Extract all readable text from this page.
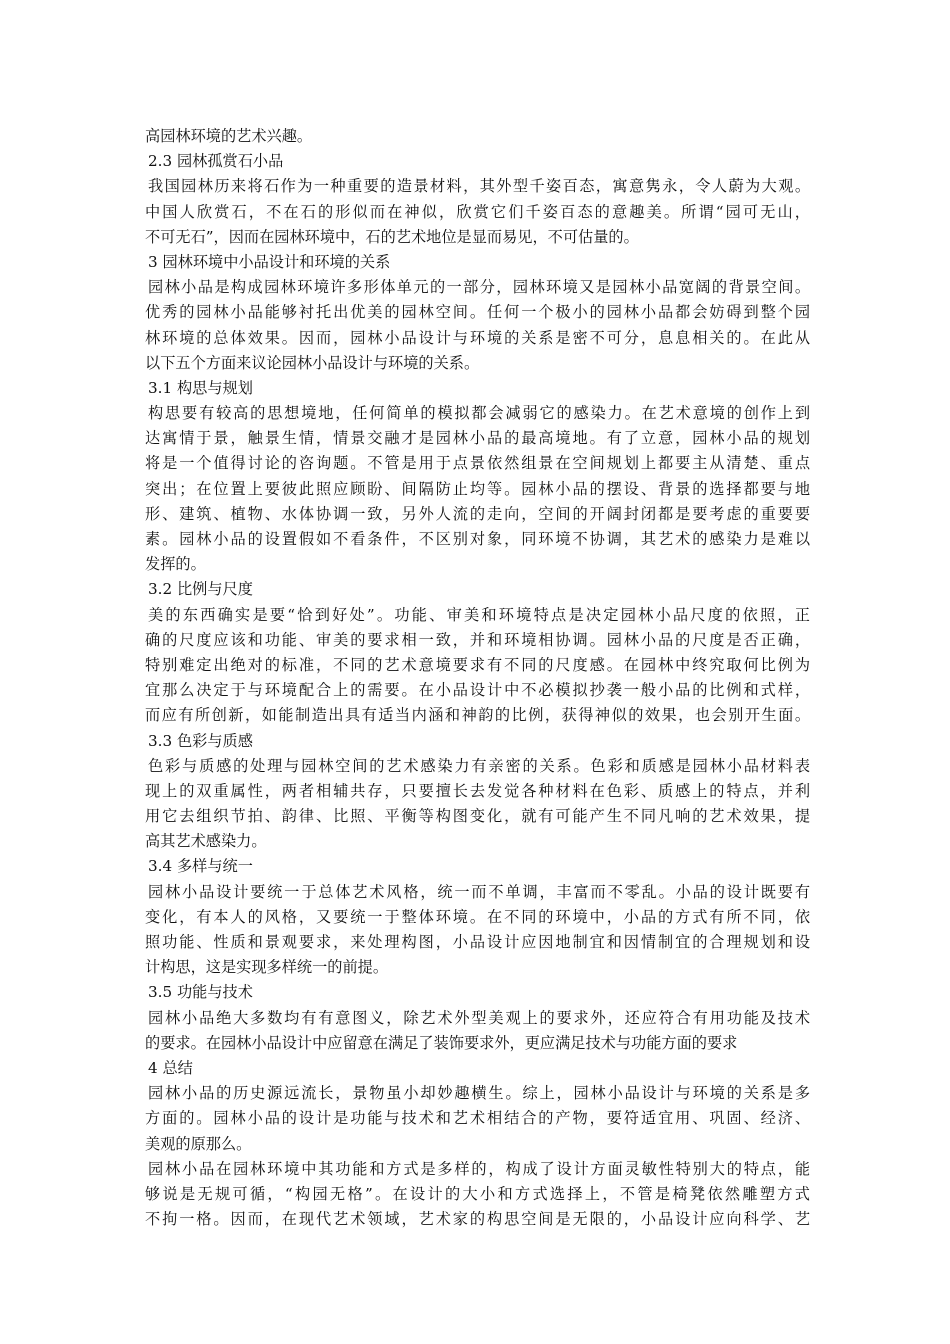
高园林环境的艺术兴趣。
2.3 园林孤赏石小品
我国园林历来将石作为一种重要的造景材料，其外型千姿百态，寓意隽永，令人蔚为大观。
中国人欣赏石，不在石的形似而在神似，欣赏它们千姿百态的意趣美。所谓“园可无山，
不可无石”，因而在园林环境中，石的艺术地位是显而易见，不可估量的。
3 园林环境中小品设计和环境的关系
园林小品是构成园林环境许多形体单元的一部分，园林环境又是园林小品宽阔的背景空间。
优秀的园林小品能够衬托出优美的园林空间。任何一个极小的园林小品都会妨碍到整个园
林环境的总体效果。因而，园林小品设计与环境的关系是密不可分，息息相关的。在此从
以下五个方面来议论园林小品设计与环境的关系。
3.1 构思与规划
构思要有较高的思想境地，任何简单的模拟都会减弱它的感染力。在艺术意境的创作上到
达寓情于景，触景生情，情景交融才是园林小品的最高境地。有了立意，园林小品的规划
将是一个值得讨论的咨询题。不管是用于点景依然组景在空间规划上都要主从清楚、重点
突出；在位置上要彼此照应顾盼、间隔防止均等。园林小品的摆设、背景的选择都要与地
形、建筑、植物、水体协调一致，另外人流的走向，空间的开阔封闭都是要考虑的重要要
素。园林小品的设置假如不看条件，不区别对象，同环境不协调，其艺术的感染力是难以
发挥的。
3.2 比例与尺度
美的东西确实是要“恰到好处”。功能、审美和环境特点是决定园林小品尺度的依照，正
确的尺度应该和功能、审美的要求相一致，并和环境相协调。园林小品的尺度是否正确，
特别难定出绝对的标准，不同的艺术意境要求有不同的尺度感。在园林中终究取何比例为
宜那么决定于与环境配合上的需要。在小品设计中不必模拟抄袭一般小品的比例和式样，
而应有所创新，如能制造出具有适当内涵和神韵的比例，获得神似的效果，也会别开生面。
3.3 色彩与质感
色彩与质感的处理与园林空间的艺术感染力有亲密的关系。色彩和质感是园林小品材料表
现上的双重属性，两者相辅共存，只要擅长去发觉各种材料在色彩、质感上的特点，并利
用它去组织节拍、韵律、比照、平衡等构图变化，就有可能产生不同凡响的艺术效果，提
高其艺术感染力。
3.4 多样与统一
园林小品设计要统一于总体艺术风格，统一而不单调，丰富而不零乱。小品的设计既要有
变化，有本人的风格，又要统一于整体环境。在不同的环境中，小品的方式有所不同，依
照功能、性质和景观要求，来处理构图，小品设计应因地制宜和因情制宜的合理规划和设
计构思，这是实现多样统一的前提。
3.5 功能与技术
园林小品绝大多数均有有意图义，除艺术外型美观上的要求外，还应符合有用功能及技术
的要求。在园林小品设计中应留意在满足了装饰要求外，更应满足技术与功能方面的要求
4 总结
园林小品的历史源远流长，景物虽小却妙趣横生。综上，园林小品设计与环境的关系是多
方面的。园林小品的设计是功能与技术和艺术相结合的产物，要符适宜用、巩固、经济、
美观的原那么。
园林小品在园林环境中其功能和方式是多样的，构成了设计方面灵敏性特别大的特点，能
够说是无规可循，“构园无格”。在设计的大小和方式选择上，不管是椅凳依然雕塑方式
不拘一格。因而，在现代艺术领域，艺术家的构思空间是无限的，小品设计应向科学、艺
